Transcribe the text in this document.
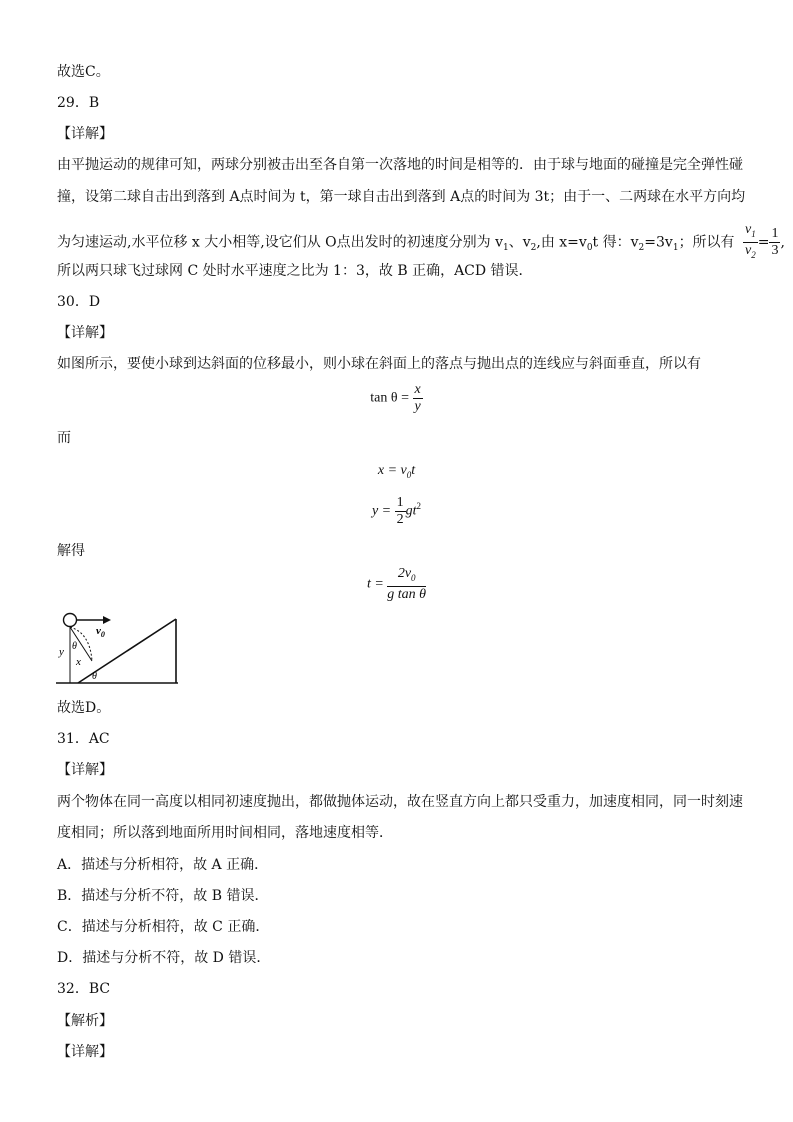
故选C。
29．B
【详解】
由平抛运动的规律可知，两球分别被击出至各自第一次落地的时间是相等的．由于球与地面的碰撞是完全弹性碰
撞，设第二球自击出到落到 A点时间为 t，第一球自击出到落到 A点的时间为 3t；由于一、二两球在水平方向均
为匀速运动,水平位移 x 大小相等,设它们从 O点出发时的初速度分别为 $v_1$、$v_2$,由 $x=v_0t$ 得：$v_2=3v_1$；所以有 $\frac{v_1}{v_2} = \frac{1}{3}$ ,
所以两只球飞过球网 C 处时水平速度之比为 1：3，故 B 正确，ACD 错误．
30．D
【详解】
如图所示，要使小球到达斜面的位移最小，则小球在斜面上的落点与抛出点的连线应与斜面垂直，所以有
$\tan \theta = \frac{x}{y}$
而
$x = v_0t$
$y = \frac{1}{2} gt^2$
解得
$t = \frac{2v_0}{\text{g tan θ}}$
$v_0$
y θ
x
θ
故选D。
31．AC
【详解】
两个物体在同一高度以相同初速度抛出，都做抛体运动，故在竖直方向上都只受重力，加速度相同，同一时刻速
度相同；所以落到地面所用时间相同，落地速度相等．
A．描述与分析相符，故 A 正确．
B．描述与分析不符，故 B 错误．
C．描述与分析相符，故 C 正确．
D．描述与分析不符，故 D 错误．
32．BC
【解析】
【详解】
